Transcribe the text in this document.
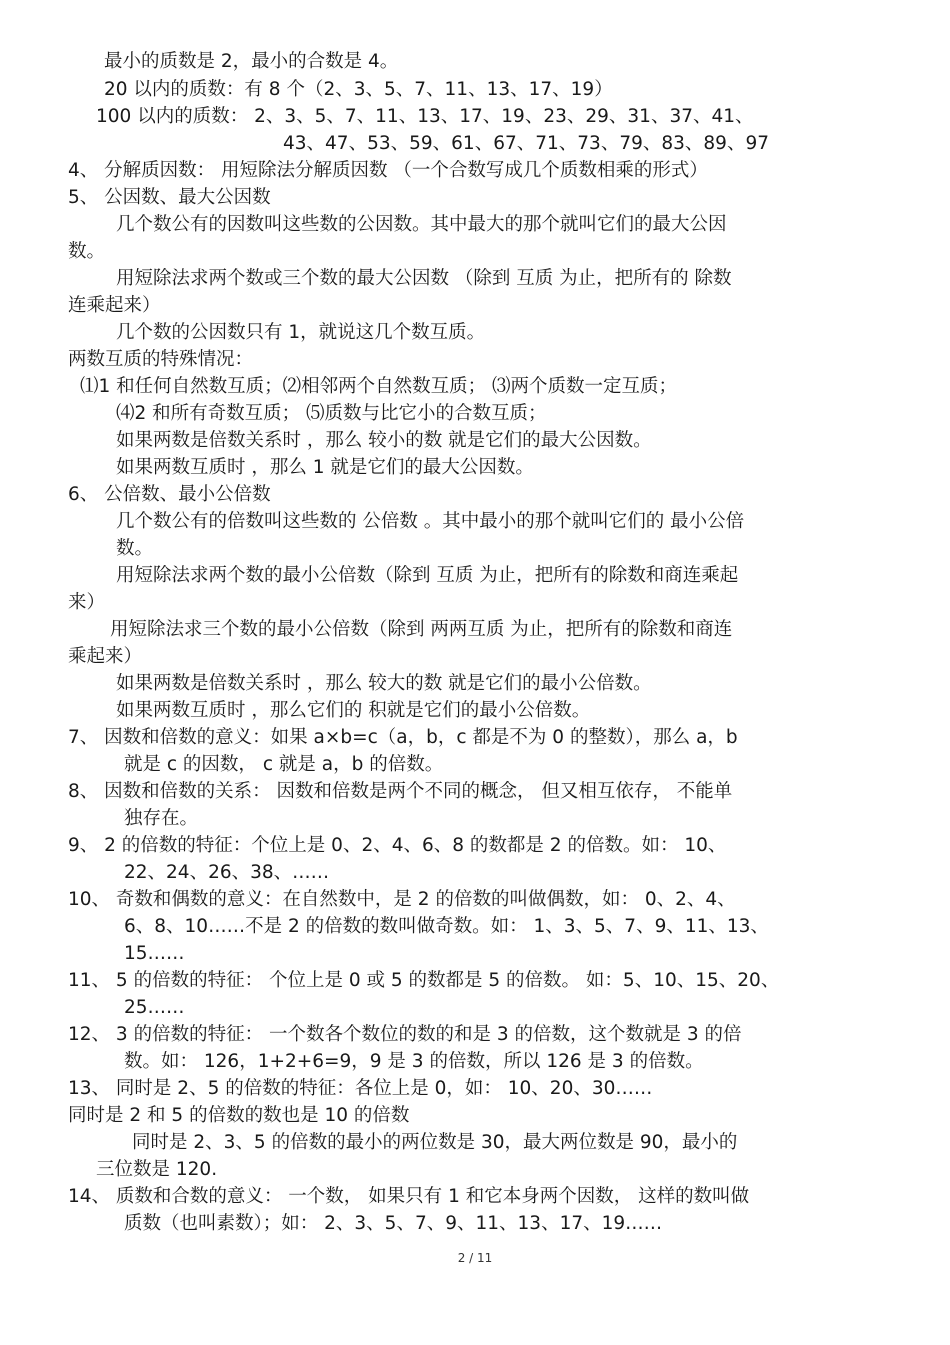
最小的质数是 2，最小的合数是 4。
20 以内的质数：有 8 个（2、3、5、7、11、13、17、19）
100 以内的质数： 2、3、5、7、11、13、17、19、23、29、31、37、41、
43、47、53、59、61、67、71、73、79、83、89、97
4、 分解质因数： 用短除法分解质因数 （一个合数写成几个质数相乘的形式）
5、 公因数、最大公因数
几个数公有的因数叫这些数的公因数。其中最大的那个就叫它们的最大公因
数。
用短除法求两个数或三个数的最大公因数 （除到 互质 为止，把所有的 除数
连乘起来）
几个数的公因数只有 1，就说这几个数互质。
两数互质的特殊情况：
⑴1 和任何自然数互质；⑵相邻两个自然数互质； ⑶两个质数一定互质；
⑷2 和所有奇数互质； ⑸质数与比它小的合数互质；
如果两数是倍数关系时 ，那么 较小的数 就是它们的最大公因数。
如果两数互质时 ，那么 1 就是它们的最大公因数。
6、 公倍数、最小公倍数
几个数公有的倍数叫这些数的 公倍数 。其中最小的那个就叫它们的 最小公倍
数。
用短除法求两个数的最小公倍数（除到 互质 为止，把所有的除数和商连乘起
来）
用短除法求三个数的最小公倍数（除到 两两互质 为止，把所有的除数和商连
乘起来）
如果两数是倍数关系时 ，那么 较大的数 就是它们的最小公倍数。
如果两数互质时 ，那么它们的 积就是它们的最小公倍数。
7、 因数和倍数的意义：如果 a×b=c（a，b，c 都是不为 0 的整数），那么 a，b
就是 c 的因数， c 就是 a，b 的倍数。
8、 因数和倍数的关系： 因数和倍数是两个不同的概念， 但又相互依存， 不能单
独存在。
9、 2 的倍数的特征：个位上是 0、2、4、6、8 的数都是 2 的倍数。如： 10、
22、24、26、38、……
10、 奇数和偶数的意义：在自然数中，是 2 的倍数的叫做偶数，如： 0、2、4、
6、8、10……不是 2 的倍数的数叫做奇数。如： 1、3、5、7、9、11、13、
15……
11、 5 的倍数的特征： 个位上是 0 或 5 的数都是 5 的倍数。 如：5、10、15、20、
25……
12、 3 的倍数的特征： 一个数各个数位的数的和是 3 的倍数，这个数就是 3 的倍
数。如： 126，1+2+6=9，9 是 3 的倍数，所以 126 是 3 的倍数。
13、 同时是 2、5 的倍数的特征：各位上是 0，如： 10、20、30……
同时是 2 和 5 的倍数的数也是 10 的倍数
同时是 2、3、5 的倍数的最小的两位数是 30，最大两位数是 90，最小的
三位数是 120.
14、 质数和合数的意义： 一个数， 如果只有 1 和它本身两个因数， 这样的数叫做
质数（也叫素数）；如： 2、3、5、7、9、11、13、17、19……
2 / 11
